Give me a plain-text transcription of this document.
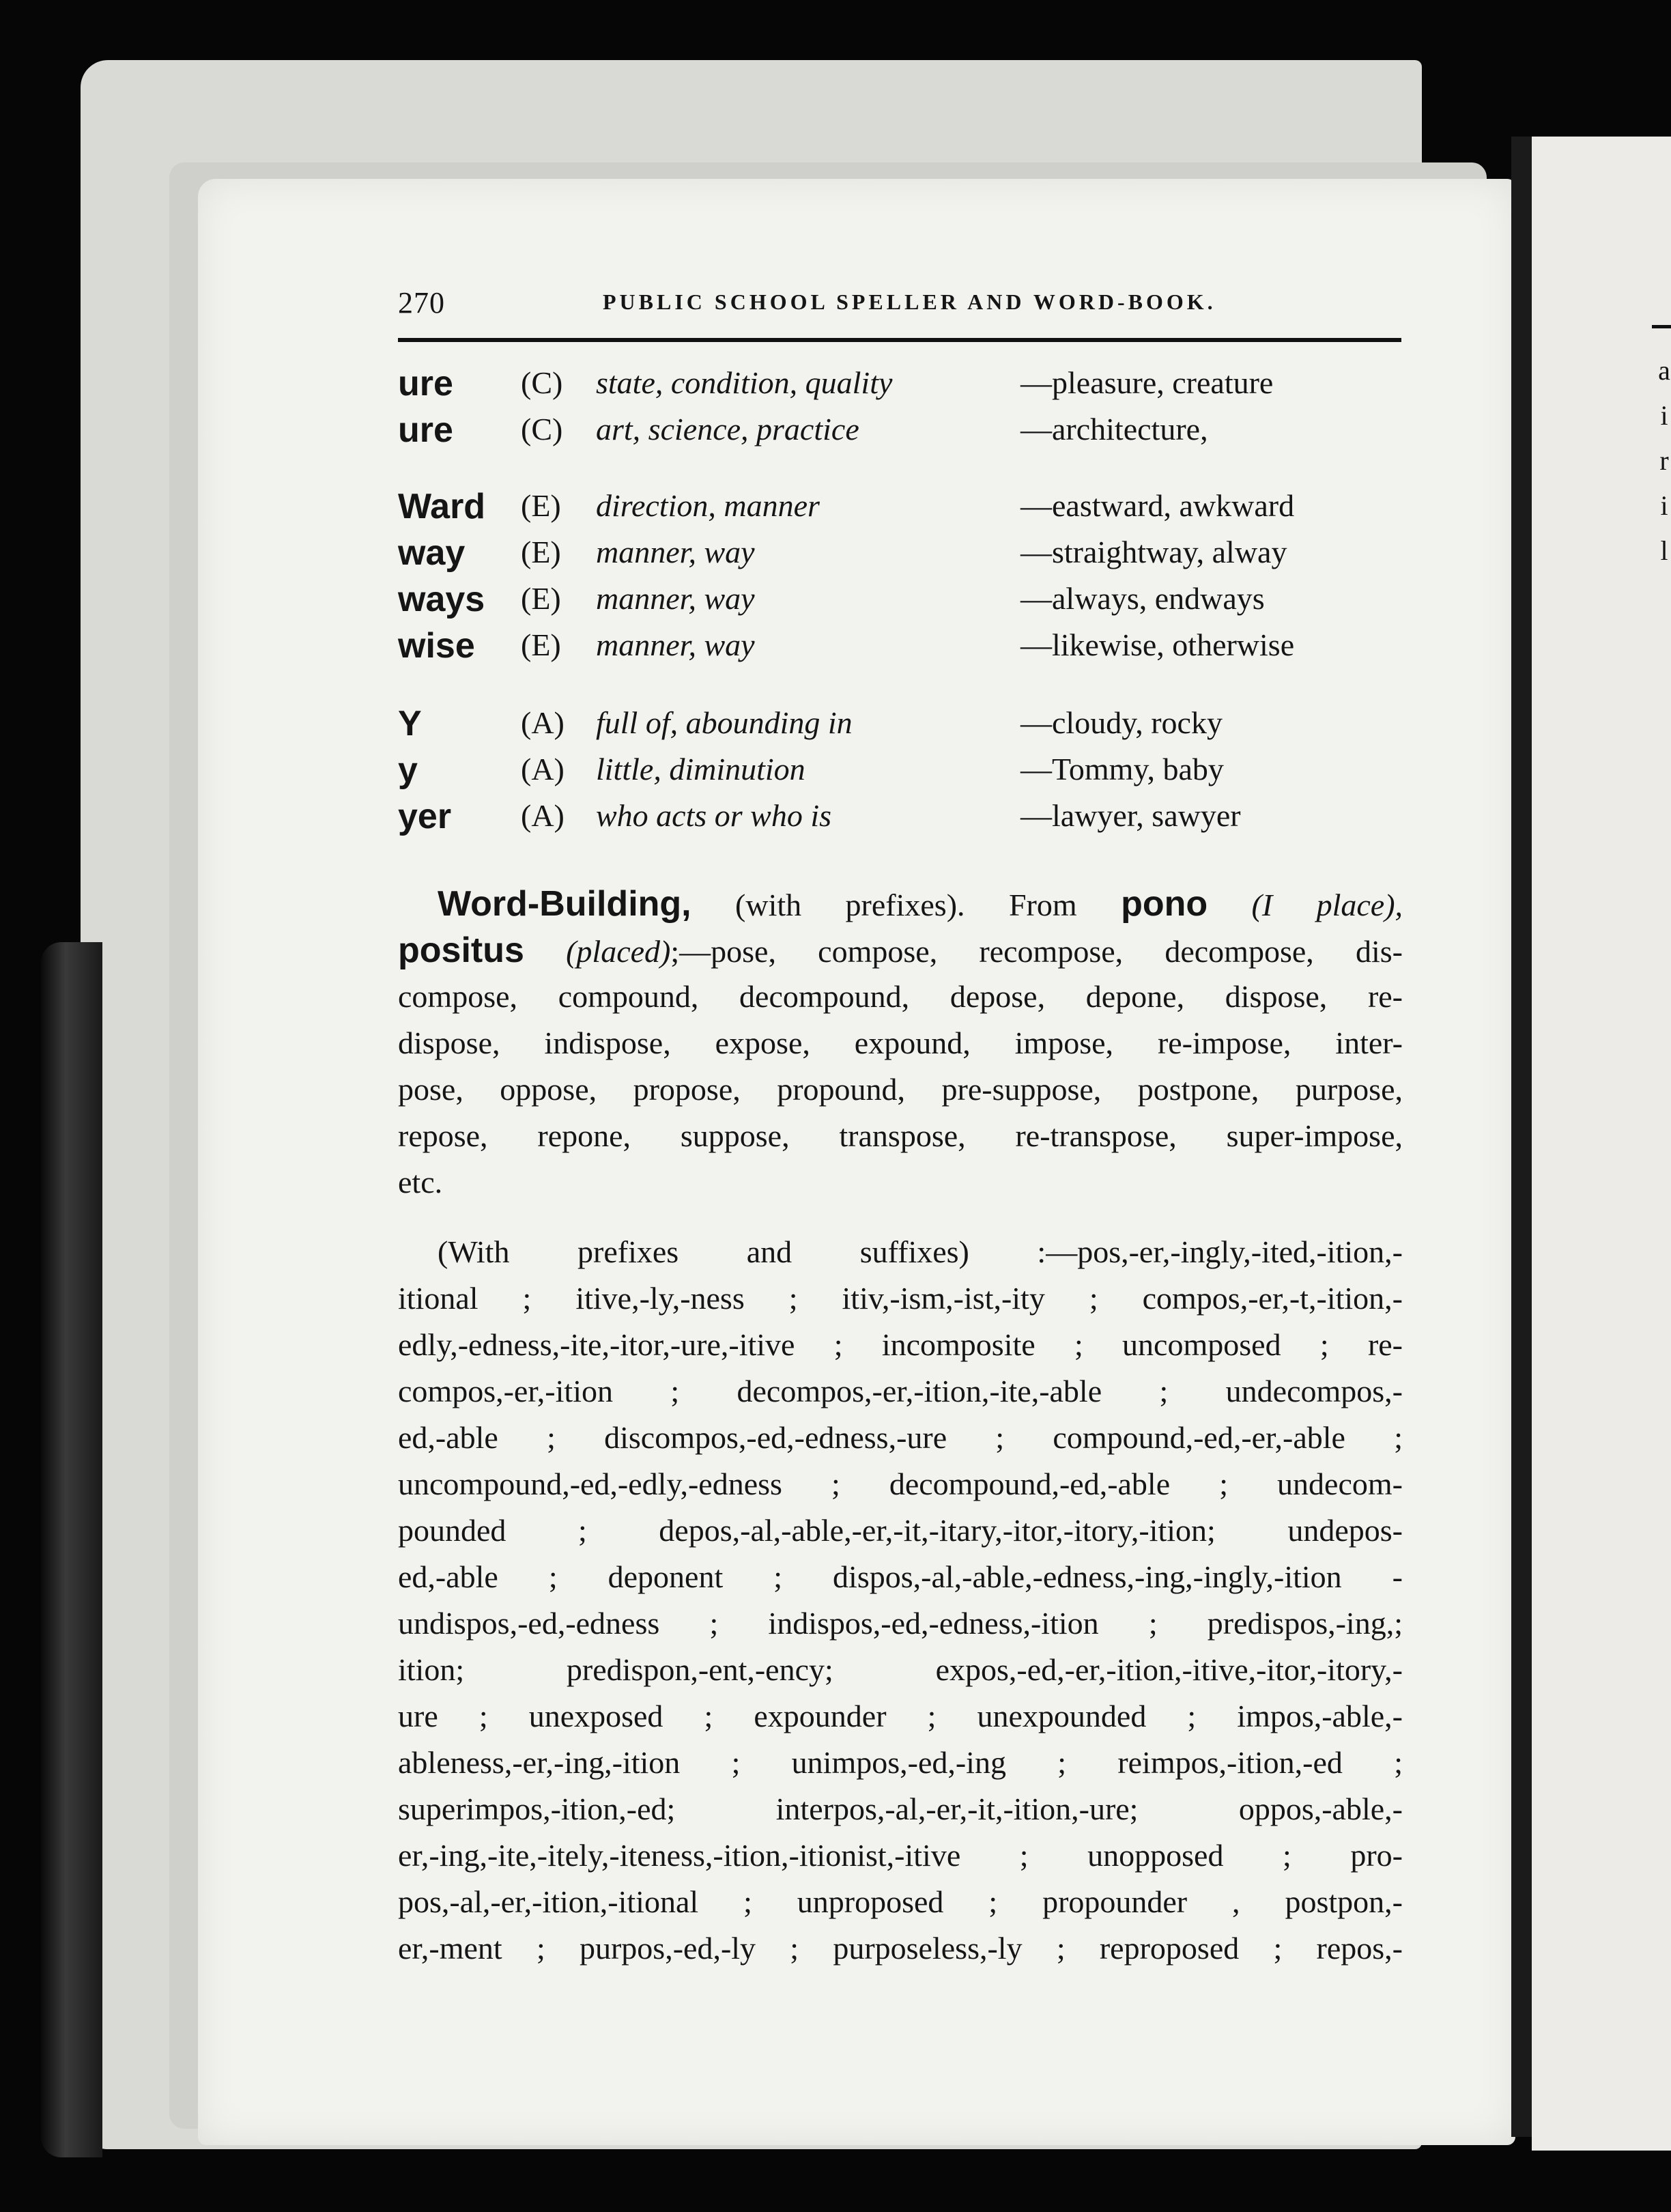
a
i
r
i
l
270	PUBLIC SCHOOL SPELLER AND WORD-BOOK.
ure (C) state, condition, quality	—pleasure, creature
ure (C) art, science, practice	—architecture,
Ward (E) direction, manner	—eastward, awkward
way (E) manner, way	—straightway, alway
ways (E) manner, way	—always, endways
wise (E) manner, way	—likewise, otherwise
Y	(A) full of, abounding in	—cloudy, rocky
y	(A) little, diminution	—Tommy, baby
yer (A) who acts or who is	—lawyer, sawyer
Word-Building, (with prefixes). From pono (I place),
positus (placed);—pose, compose, recompose, decompose, dis-
compose, compound, decompound, depose, depone, dispose, re-
dispose, indispose, expose, expound, impose, re-impose, inter-
pose, oppose, propose, propound, pre-suppose, postpone, purpose,
repose, repone, suppose, transpose, re-transpose, super-impose,
etc.
(With prefixes and suffixes) :—pos,-er,-ingly,-ited,-ition,-
itional ; itive,-ly,-ness ; itiv,-ism,-ist,-ity ; compos,-er,-t,-ition,-
edly,-edness,-ite,-itor,-ure,-itive ; incomposite ; uncomposed ; re-
compos,-er,-ition ; decompos,-er,-ition,-ite,-able ; undecompos,-
ed,-able ; discompos,-ed,-edness,-ure ; compound,-ed,-er,-able ;
uncompound,-ed,-edly,-edness ; decompound,-ed,-able ; undecom-
pounded ; depos,-al,-able,-er,-it,-itary,-itor,-itory,-ition; undepos-
ed,-able ; deponent ; dispos,-al,-able,-edness,-ing,-ingly,-ition -
undispos,-ed,-edness ; indispos,-ed,-edness,-ition ; predispos,-ing,;
ition; predispon,-ent,-ency; expos,-ed,-er,-ition,-itive,-itor,-itory,-
ure ; unexposed ; expounder ; unexpounded ; impos,-able,-
ableness,-er,-ing,-ition ; unimpos,-ed,-ing ; reimpos,-ition,-ed ;
superimpos,-ition,-ed; interpos,-al,-er,-it,-ition,-ure; oppos,-able,-
er,-ing,-ite,-itely,-iteness,-ition,-itionist,-itive ; unopposed ; pro-
pos,-al,-er,-ition,-itional ; unproposed ; propounder , postpon,-
er,-ment ; purpos,-ed,-ly ; purposeless,-ly ; reproposed ; repos,-
